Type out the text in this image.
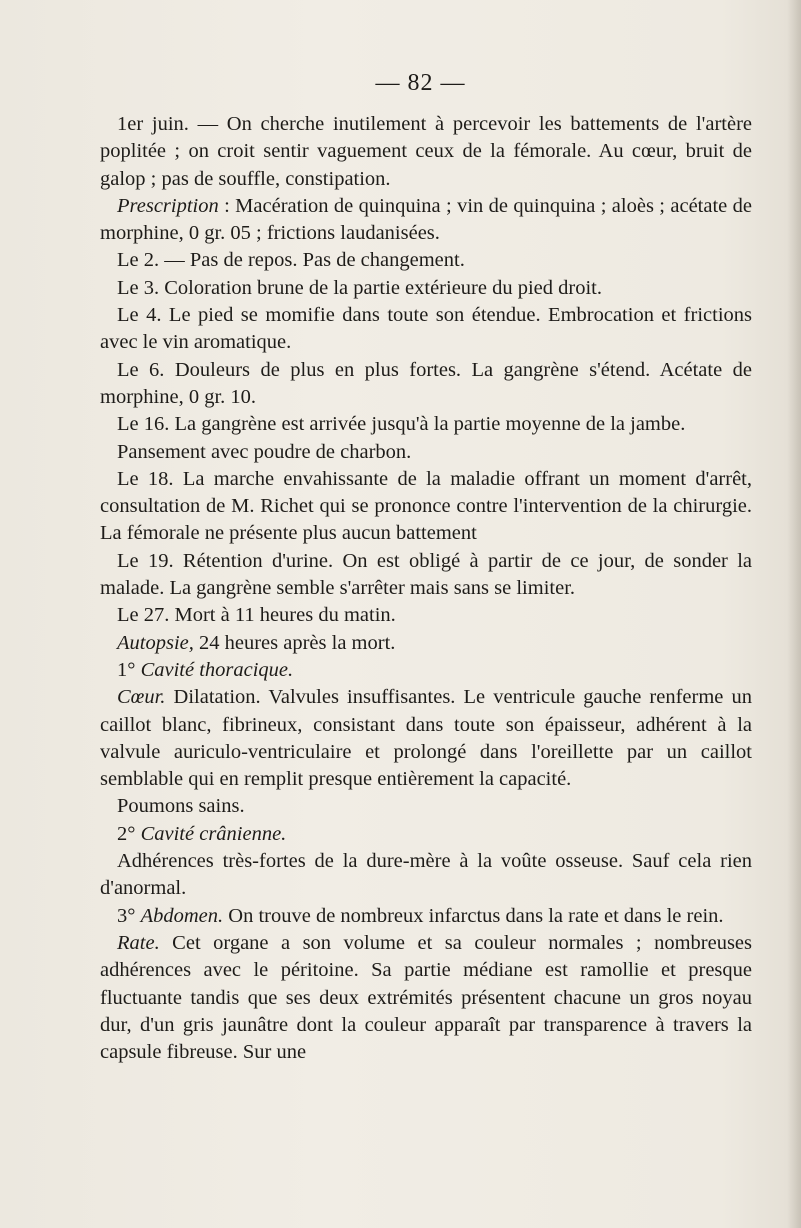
— 82 —

1er juin. — On cherche inutilement à percevoir les battements de l'artère poplitée ; on croit sentir vaguement ceux de la fémorale. Au cœur, bruit de galop ; pas de souffle, constipation.

Prescription : Macération de quinquina ; vin de quinquina ; aloès ; acétate de morphine, 0 gr. 05 ; frictions laudanisées.

Le 2. — Pas de repos. Pas de changement.

Le 3. Coloration brune de la partie extérieure du pied droit.

Le 4. Le pied se momifie dans toute son étendue. Embrocation et frictions avec le vin aromatique.

Le 6. Douleurs de plus en plus fortes. La gangrène s'étend. Acétate de morphine, 0 gr. 10.

Le 16. La gangrène est arrivée jusqu'à la partie moyenne de la jambe.

Pansement avec poudre de charbon.

Le 18. La marche envahissante de la maladie offrant un moment d'arrêt, consultation de M. Richet qui se prononce contre l'intervention de la chirurgie. La fémorale ne présente plus aucun battement

Le 19. Rétention d'urine. On est obligé à partir de ce jour, de sonder la malade. La gangrène semble s'arrêter mais sans se limiter.

Le 27. Mort à 11 heures du matin.

Autopsie, 24 heures après la mort.

1° Cavité thoracique.

Cœur. Dilatation. Valvules insuffisantes. Le ventricule gauche renferme un caillot blanc, fibrineux, consistant dans toute son épaisseur, adhérent à la valvule auriculo-ventriculaire et prolongé dans l'oreillette par un caillot semblable qui en remplit presque entièrement la capacité.

Poumons sains.

2° Cavité crânienne.

Adhérences très-fortes de la dure-mère à la voûte osseuse. Sauf cela rien d'anormal.

3° Abdomen. On trouve de nombreux infarctus dans la rate et dans le rein.

Rate. Cet organe a son volume et sa couleur normales ; nombreuses adhérences avec le péritoine. Sa partie médiane est ramollie et presque fluctuante tandis que ses deux extrémités présentent chacune un gros noyau dur, d'un gris jaunâtre dont la couleur apparaît par transparence à travers la capsule fibreuse. Sur une
